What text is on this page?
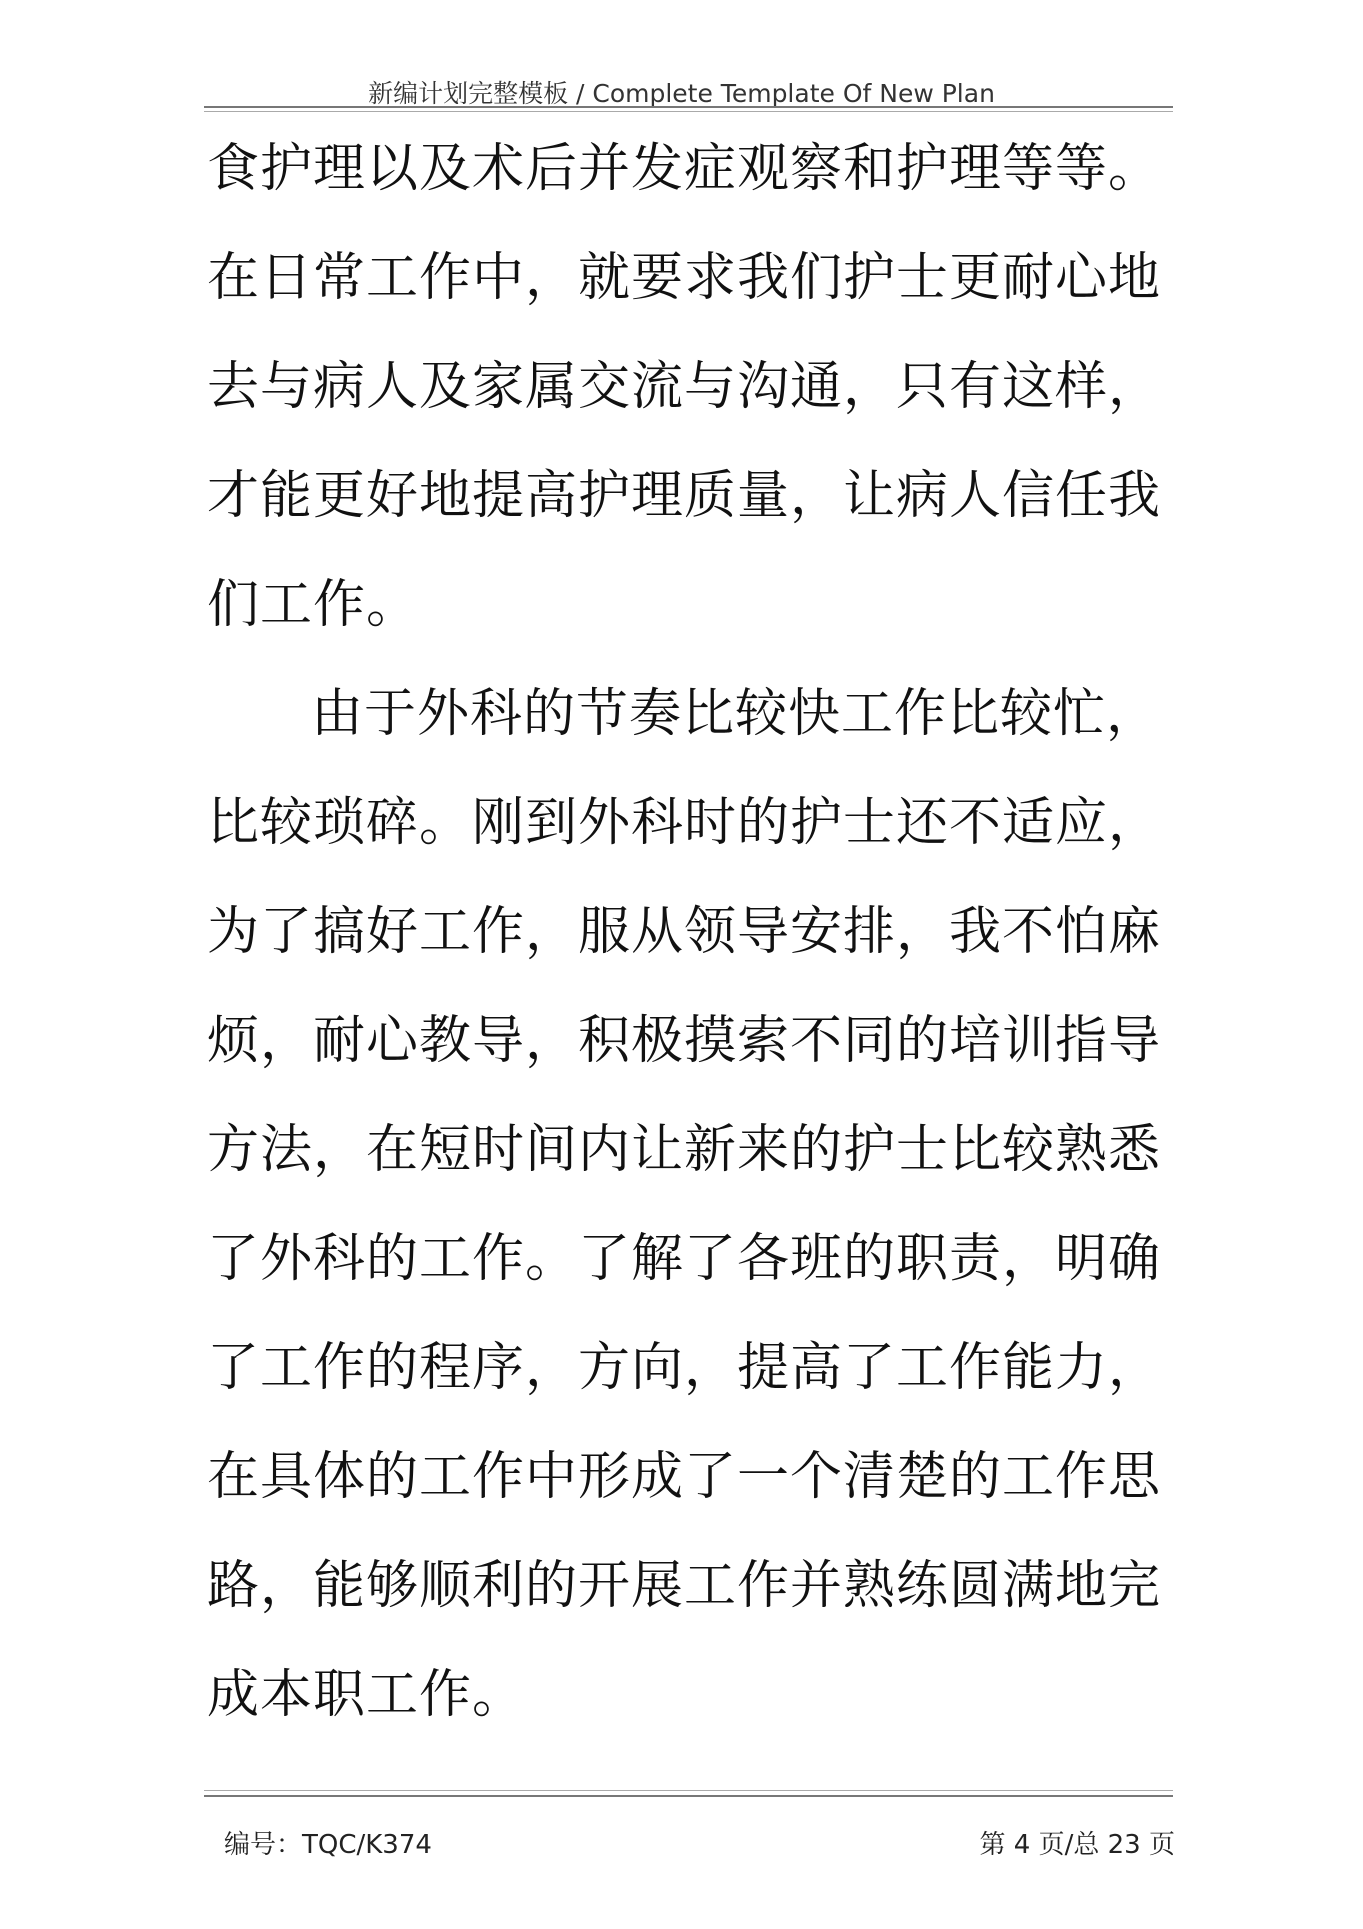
新编计划完整模板 / Complete Template Of New Plan
食护理以及术后并发症观察和护理等等。
在日常工作中，就要求我们护士更耐心地
去与病人及家属交流与沟通，只有这样，
才能更好地提高护理质量，让病人信任我
们工作。
由于外科的节奏比较快工作比较忙，
比较琐碎。刚到外科时的护士还不适应，
为了搞好工作，服从领导安排，我不怕麻
烦，耐心教导，积极摸索不同的培训指导
方法，在短时间内让新来的护士比较熟悉
了外科的工作。了解了各班的职责，明确
了工作的程序，方向，提高了工作能力，
在具体的工作中形成了一个清楚的工作思
路，能够顺利的开展工作并熟练圆满地完
成本职工作。
编号：TQC/K374	第 4 页/总 23 页
